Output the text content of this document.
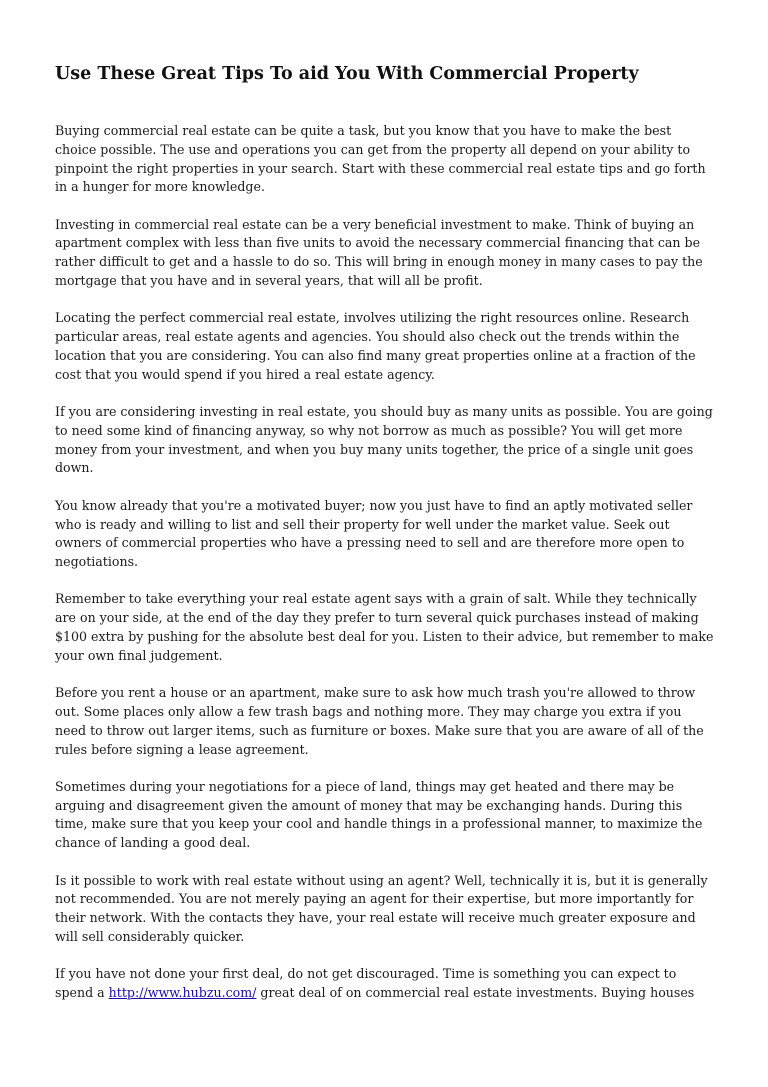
Use These Great Tips To aid You With Commercial Property

Buying commercial real estate can be quite a task, but you know that you have to make the best choice possible. The use and operations you can get from the property all depend on your ability to pinpoint the right properties in your search. Start with these commercial real estate tips and go forth in a hunger for more knowledge.

Investing in commercial real estate can be a very beneficial investment to make. Think of buying an apartment complex with less than five units to avoid the necessary commercial financing that can be rather difficult to get and a hassle to do so. This will bring in enough money in many cases to pay the mortgage that you have and in several years, that will all be profit.

Locating the perfect commercial real estate, involves utilizing the right resources online. Research particular areas, real estate agents and agencies. You should also check out the trends within the location that you are considering. You can also find many great properties online at a fraction of the cost that you would spend if you hired a real estate agency.

If you are considering investing in real estate, you should buy as many units as possible. You are going to need some kind of financing anyway, so why not borrow as much as possible? You will get more money from your investment, and when you buy many units together, the price of a single unit goes down.

You know already that you're a motivated buyer; now you just have to find an aptly motivated seller who is ready and willing to list and sell their property for well under the market value. Seek out owners of commercial properties who have a pressing need to sell and are therefore more open to negotiations.

Remember to take everything your real estate agent says with a grain of salt. While they technically are on your side, at the end of the day they prefer to turn several quick purchases instead of making $100 extra by pushing for the absolute best deal for you. Listen to their advice, but remember to make your own final judgement.

Before you rent a house or an apartment, make sure to ask how much trash you're allowed to throw out. Some places only allow a few trash bags and nothing more. They may charge you extra if you need to throw out larger items, such as furniture or boxes. Make sure that you are aware of all of the rules before signing a lease agreement.

Sometimes during your negotiations for a piece of land, things may get heated and there may be arguing and disagreement given the amount of money that may be exchanging hands. During this time, make sure that you keep your cool and handle things in a professional manner, to maximize the chance of landing a good deal.

Is it possible to work with real estate without using an agent? Well, technically it is, but it is generally not recommended. You are not merely paying an agent for their expertise, but more importantly for their network. With the contacts they have, your real estate will receive much greater exposure and will sell considerably quicker.

If you have not done your first deal, do not get discouraged. Time is something you can expect to spend a http://www.hubzu.com/ great deal of on commercial real estate investments. Buying houses
